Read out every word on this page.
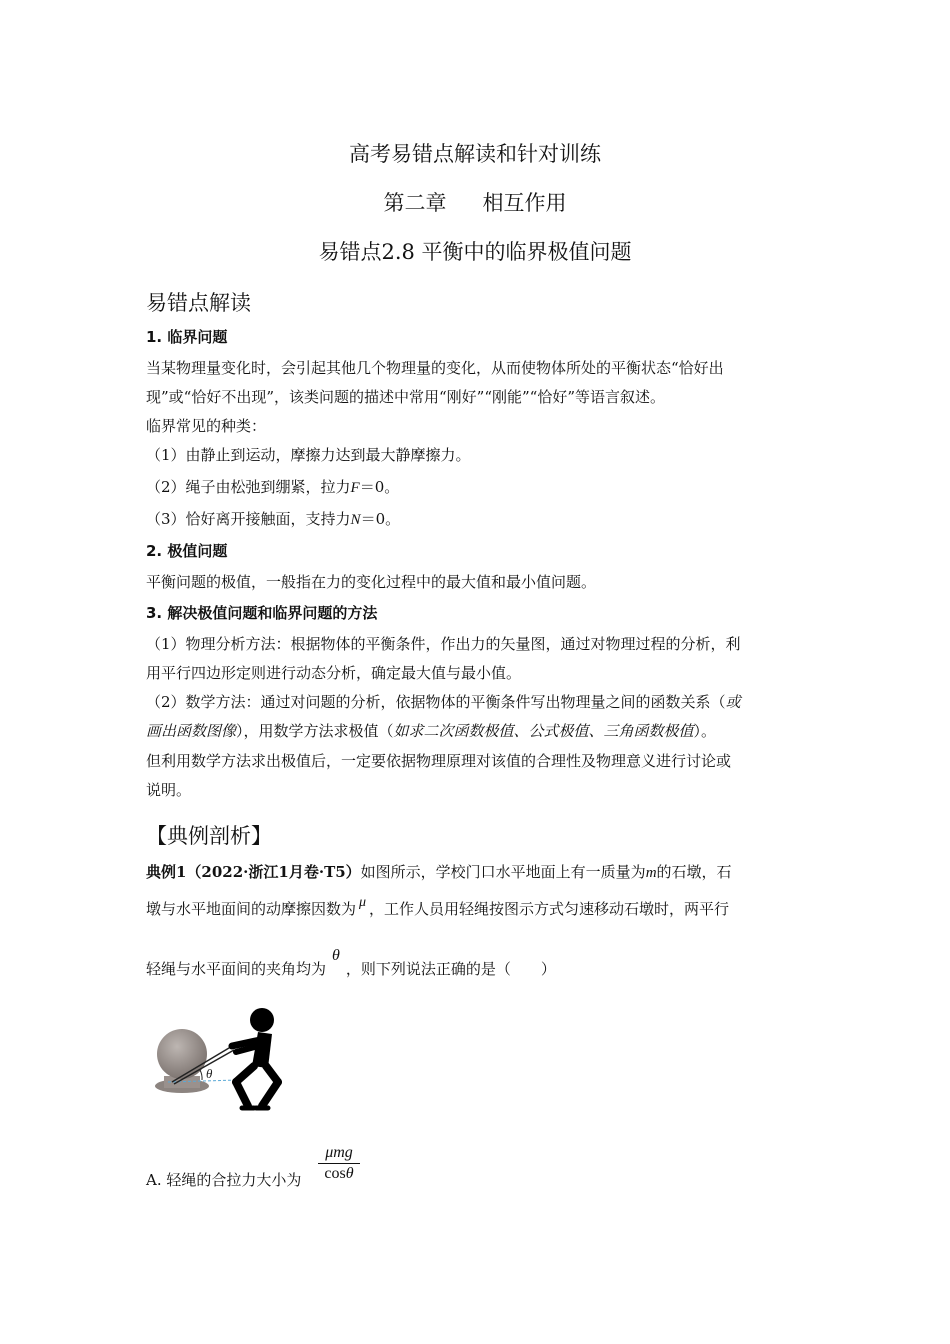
高考易错点解读和针对训练
第二章 相互作用
易错点2.8 平衡中的临界极值问题
易错点解读
1. 临界问题
当某物理量变化时，会引起其他几个物理量的变化，从而使物体所处的平衡状态“恰好出
现”或“恰好不出现”，该类问题的描述中常用“刚好”“刚能”“恰好”等语言叙述。
临界常见的种类：
（1）由静止到运动，摩擦力达到最大静摩擦力。
（2）绳子由松弛到绷紧，拉力F＝0。
（3）恰好离开接触面，支持力N＝0。
2. 极值问题
平衡问题的极值，一般指在力的变化过程中的最大值和最小值问题。
3. 解决极值问题和临界问题的方法
（1）物理分析方法：根据物体的平衡条件，作出力的矢量图，通过对物理过程的分析，利
用平行四边形定则进行动态分析，确定最大值与最小值。
（2）数学方法：通过对问题的分析，依据物体的平衡条件写出物理量之间的函数关系（或
画出函数图像），用数学方法求极值（如求二次函数极值、公式极值、三角函数极值）。
但利用数学方法求出极值后，一定要依据物理原理对该值的合理性及物理意义进行讨论或
说明。
【典例剖析】
典例1（2022·浙江1月卷·T5）如图所示，学校门口水平地面上有一质量为m的石墩，石
墩与水平地面间的动摩擦因数为 μ ，工作人员用轻绳按图示方式匀速移动石墩时，两平行
轻绳与水平面间的夹角均为θ，则下列说法正确的是（　　）
θ
μmg
cosθ
A. 轻绳的合拉力大小为
